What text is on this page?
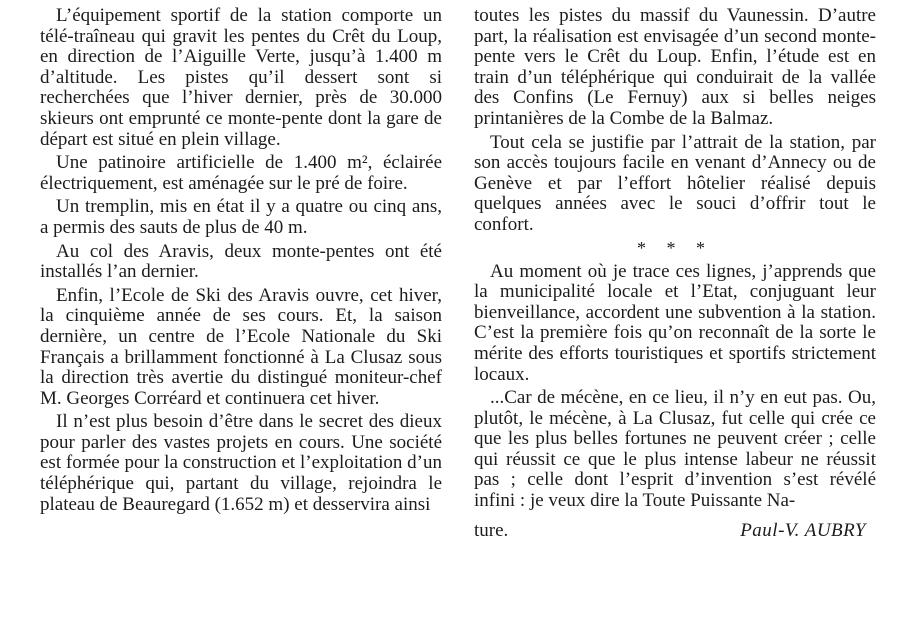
L’équipement sportif de la station comporte un télé-traîneau qui gravit les pentes du Crêt du Loup, en direction de l’Aiguille Verte, jusqu’à 1.400 m d’altitude. Les pistes qu’il dessert sont si recherchées que l’hiver dernier, près de 30.000 skieurs ont emprunté ce monte-pente dont la gare de départ est situé en plein village.

Une patinoire artificielle de 1.400 m², éclairée électriquement, est aménagée sur le pré de foire.

Un tremplin, mis en état il y a quatre ou cinq ans, a permis des sauts de plus de 40 m.

Au col des Aravis, deux monte-pentes ont été installés l’an dernier.

Enfin, l’Ecole de Ski des Aravis ouvre, cet hiver, la cinquième année de ses cours. Et, la saison dernière, un centre de l’Ecole Nationale du Ski Français a brillamment fonctionné à La Clusaz sous la direction très avertie du distingué moniteur-chef M. Georges Corréard et continuera cet hiver.

Il n’est plus besoin d’être dans le secret des dieux pour parler des vastes projets en cours. Une société est formée pour la construction et l’exploitation d’un téléphérique qui, partant du village, rejoindra le plateau de Beauregard (1.652 m) et desservira ainsi

toutes les pistes du massif du Vaunessin. D’autre part, la réalisation est envisagée d’un second monte-pente vers le Crêt du Loup. Enfin, l’étude est en train d’un téléphérique qui conduirait de la vallée des Confins (Le Fernuy) aux si belles neiges printanières de la Combe de la Balmaz.

Tout cela se justifie par l’attrait de la station, par son accès toujours facile en venant d’Annecy ou de Genève et par l’effort hôtelier réalisé depuis quelques années avec le souci d’offrir tout le confort.

* * *

Au moment où je trace ces lignes, j’apprends que la municipalité locale et l’Etat, conjuguant leur bienveillance, accordent une subvention à la station. C’est la première fois qu’on reconnaît de la sorte le mérite des efforts touristiques et sportifs strictement locaux.

...Car de mécène, en ce lieu, il n’y en eut pas. Ou, plutôt, le mécène, à La Clusaz, fut celle qui crée ce que les plus belles fortunes ne peuvent créer ; celle qui réussit ce que le plus intense labeur ne réussit pas ; celle dont l’esprit d’invention s’est révélé infini : je veux dire la Toute Puissante Na-

ture.	Paul-V. AUBRY
